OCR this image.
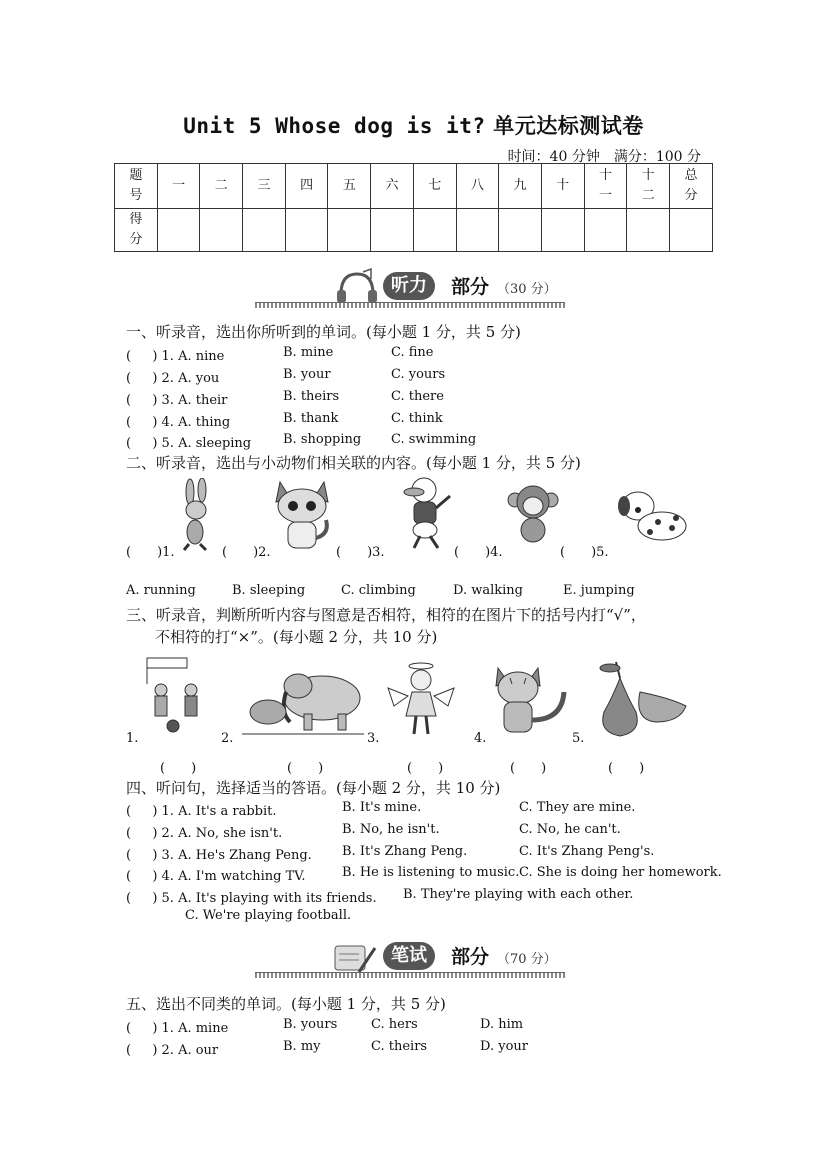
Unit 5 Whose dog is it? 单元达标测试卷
时间：40 分钟　满分：100 分
题号	一	二	三	四	五	六	七	八	九	十	十一	十二	总分
得分													
听力	部分 （30 分）
一、听录音，选出你所听到的单词。(每小题 1 分，共 5 分)
( 　 ) 1. A. nine	B. mine	C. fine
( 　 ) 2. A. you	B. your	C. yours
( 　 ) 3. A. their	B. theirs	C. there
( 　 ) 4. A. thing	B. thank	C. think
( 　 ) 5. A. sleeping B. shopping C. swimming
二、听录音，选出与小动物们相关联的内容。(每小题 1 分，共 5 分)
(　　)1.	(　　)2.	(　　)3.	(　　)4.	(　　)5.
A. running	B. sleeping	C. climbing	D. walking	E. jumping
三、听录音，判断所听内容与图意是否相符，相符的在图片下的括号内打“√”，
不相符的打“×”。(每小题 2 分，共 10 分)
1.	2.	3.	4.	5.
(　　)	(　　)	(　　)	(　　)	(　　)
四、听问句，选择适当的答语。(每小题 2 分，共 10 分)
( 　 ) 1. A. It's a rabbit.	B. It's mine.	C. They are mine.
( 　 ) 2. A. No, she isn't.	B. No, he isn't.	C. No, he can't.
( 　 ) 3. A. He's Zhang Peng. B. It's Zhang Peng.	C. It's Zhang Peng's.
( 　 ) 4. A. I'm watching TV.	B. He is listening to music. C. She is doing her homework.
( 　 ) 5. A. It's playing with its friends. B. They're playing with each other.
C. We're playing football.
笔试	部分 （70 分）
五、选出不同类的单词。(每小题 1 分，共 5 分)
( 　 ) 1. A. mine	B. yours	C. hers	D. him
( 　 ) 2. A. our	B. my	C. theirs	D. your
